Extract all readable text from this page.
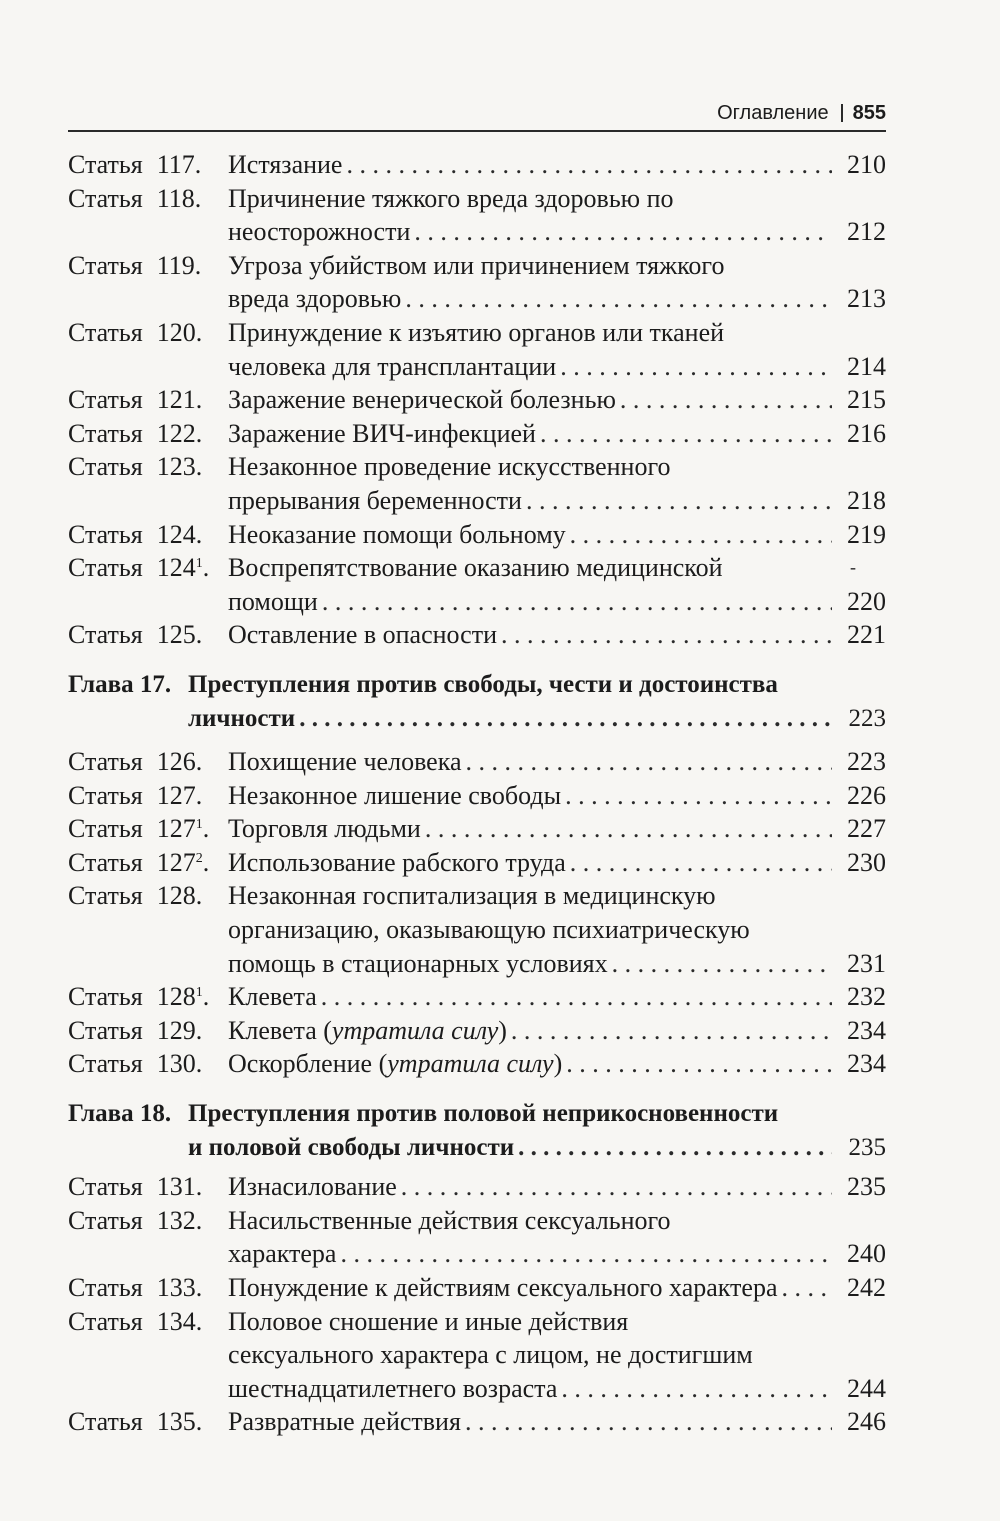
Оглавление 855
Статья 117.	Истязание . . .	210
Статья 118.	Причинение тяжкого вреда здоровью по
неосторожности . . .	212
Статья 119.	Угроза убийством или причинением тяжкого
вреда здоровью . . .	213
Статья 120. Принуждение к изъятию органов или тканей
человека для трансплантации . . .	214
Статья 121. Заражение венерической болезнью . . .	215
Статья 122. Заражение ВИЧ-инфекцией . . .	216
Статья 123. Незаконное проведение искусственного
прерывания беременности . . .	218
Статья 124. Неоказание помощи больному . . .	219
Статья $124^1$. Воспрепятствование оказанию медицинской	-
помощи . . .	220
Статья 125. Оставление в опасности . . .	221
Глава 17. Преступления против свободы, чести и достоинства
личности . . .	223
Статья 126. Похищение человека . . .	223
Статья 127. Незаконное лишение свободы . . .	226
Статья $127^1$. Торговля людьми . . .	227
Статья $127^2$. Использование рабского труда . . .	230
Статья 128. Незаконная госпитализация в медицинскую
организацию, оказывающую психиатрическую
помощь в стационарных условиях . . .	231
Статья $128^1$. Клевета . . .	232
Статья 129. Клевета (утратила силу) . . .	234
Статья 130. Оскорбление (утратила силу) . . .	234
Глава 18. Преступления против половой неприкосновенности
и половой свободы личности . . .	235
Статья 131. Изнасилование . . .	235
Статья 132. Насильственные действия сексуального
характера . . .	240
Статья 133. Понуждение к действиям сексуального характера . . .	242
Статья 134. Половое сношение и иные действия
сексуального характера с лицом, не достигшим
шестнадцатилетнего возраста . . .	244
Статья 135. Развратные действия . . .	246
